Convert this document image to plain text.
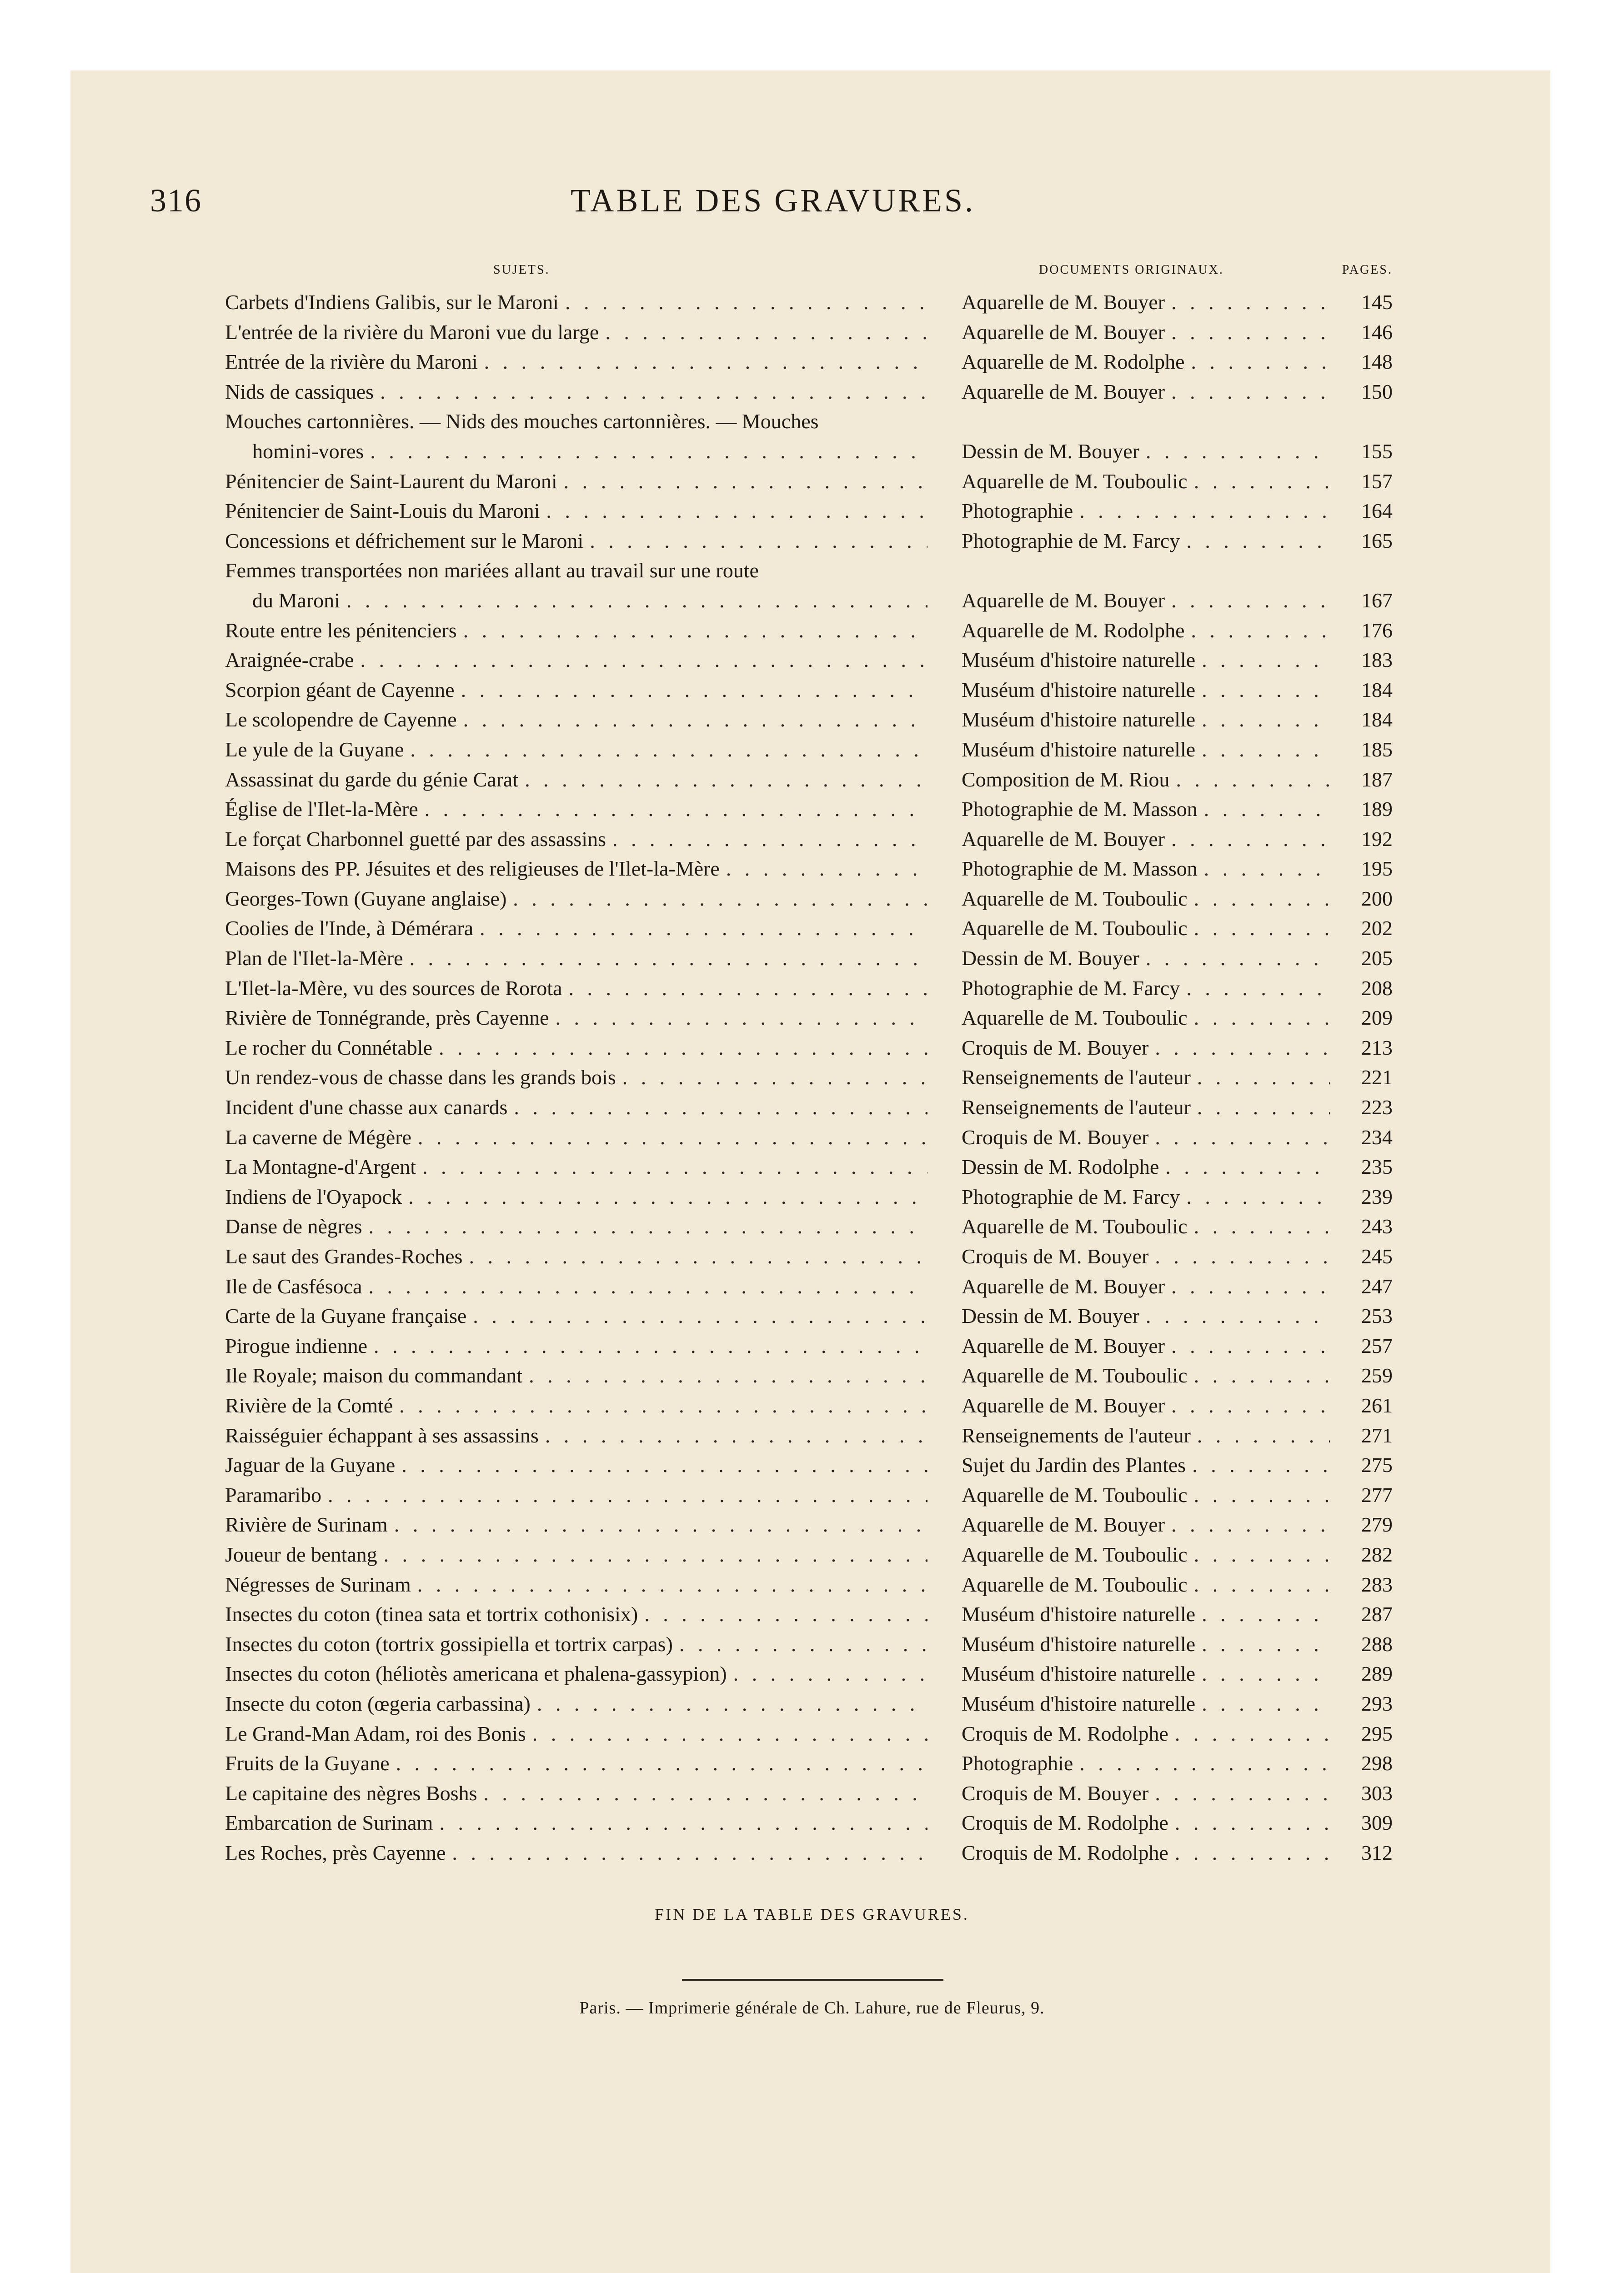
TABLE DES GRAVURES.
316
SUJETS.	DOCUMENTS ORIGINAUX.	PAGES.
Carbets d'Indiens Galibis, sur le Maroni . . .	Aquarelle de M. Bouyer . . .	145
L'entrée de la rivière du Maroni vue du large . . .	Aquarelle de M. Bouyer . . .	146
Entrée de la rivière du Maroni . . .	Aquarelle de M. Rodolphe . . .	148
Nids de cassiques . . .	Aquarelle de M. Bouyer . . .	150
Mouches cartonnières. — Nids des mouches cartonnières. — Mouches
homini-vores . . .	Dessin de M. Bouyer . . .	155
Pénitencier de Saint-Laurent du Maroni . . .	Aquarelle de M. Touboulic . . .	157
Pénitencier de Saint-Louis du Maroni . . .	Photographie . . .	164
Concessions et défrichement sur le Maroni . . .	Photographie de M. Farcy . . .	165
Femmes transportées non mariées allant au travail sur une route
du Maroni . . .	Aquarelle de M. Bouyer . . .	167
Route entre les pénitenciers . . .	Aquarelle de M. Rodolphe . . .	176
Araignée-crabe . . .	Muséum d'histoire naturelle . . .	183
Scorpion géant de Cayenne . . .	Muséum d'histoire naturelle . . .	184
Le scolopendre de Cayenne . . .	Muséum d'histoire naturelle . . .	184
Le yule de la Guyane . . .	Muséum d'histoire naturelle . . .	185
Assassinat du garde du génie Carat . . .	Composition de M. Riou . . .	187
Église de l'Ilet-la-Mère . . .	Photographie de M. Masson . . .	189
Le forçat Charbonnel guetté par des assassins . . .	Aquarelle de M. Bouyer . . .	192
Maisons des PP. Jésuites et des religieuses de l'Ilet-la-Mère . . .	Photographie de M. Masson . . .	195
Georges-Town (Guyane anglaise) . . .	Aquarelle de M. Touboulic . . .	200
Coolies de l'Inde, à Démérara . . .	Aquarelle de M. Touboulic . . .	202
Plan de l'Ilet-la-Mère . . .	Dessin de M. Bouyer . . .	205
L'Ilet-la-Mère, vu des sources de Rorota . . .	Photographie de M. Farcy . . .	208
Rivière de Tonnégrande, près Cayenne . . .	Aquarelle de M. Touboulic . . .	209
Le rocher du Connétable . . .	Croquis de M. Bouyer . . .	213
Un rendez-vous de chasse dans les grands bois . . .	Renseignements de l'auteur . . .	221
Incident d'une chasse aux canards . . .	Renseignements de l'auteur . . .	223
La caverne de Mégère . . .	Croquis de M. Bouyer . . .	234
La Montagne-d'Argent . . .	Dessin de M. Rodolphe . . .	235
Indiens de l'Oyapock . . .	Photographie de M. Farcy . . .	239
Danse de nègres . . .	Aquarelle de M. Touboulic . . .	243
Le saut des Grandes-Roches . . .	Croquis de M. Bouyer . . .	245
Ile de Casfésoca . . .	Aquarelle de M. Bouyer . . .	247
Carte de la Guyane française . . .	Dessin de M. Bouyer . . .	253
Pirogue indienne . . .	Aquarelle de M. Bouyer . . .	257
Ile Royale; maison du commandant . . .	Aquarelle de M. Touboulic . . .	259
Rivière de la Comté . . .	Aquarelle de M. Bouyer . . .	261
Raisséguier échappant à ses assassins . . .	Renseignements de l'auteur . . .	271
Jaguar de la Guyane . . .	Sujet du Jardin des Plantes . . .	275
Paramaribo . . .	Aquarelle de M. Touboulic . . .	277
Rivière de Surinam . . .	Aquarelle de M. Bouyer . . .	279
Joueur de bentang . . .	Aquarelle de M. Touboulic . . .	282
Négresses de Surinam . . .	Aquarelle de M. Touboulic . . .	283
Insectes du coton (tinea sata et tortrix cothonisix) . . .	Muséum d'histoire naturelle . . .	287
Insectes du coton (tortrix gossipiella et tortrix carpas) . . .	Muséum d'histoire naturelle . . .	288
Insectes du coton (héliotès americana et phalena-gassypion) . . .	Muséum d'histoire naturelle . . .	289
Insecte du coton (œgeria carbassina) . . .	Muséum d'histoire naturelle . . .	293
Le Grand-Man Adam, roi des Bonis . . .	Croquis de M. Rodolphe . . .	295
Fruits de la Guyane . . .	Photographie . . .	298
Le capitaine des nègres Boshs . . .	Croquis de M. Bouyer . . .	303
Embarcation de Surinam . . .	Croquis de M. Rodolphe . . .	309
Les Roches, près Cayenne . . .	Croquis de M. Rodolphe . . .	312
FIN DE LA TABLE DES GRAVURES.
Paris. — Imprimerie générale de Ch. Lahure, rue de Fleurus, 9.
